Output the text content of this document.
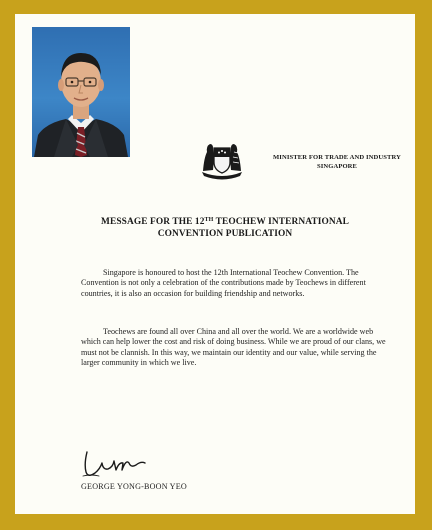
MINISTER FOR TRADE AND INDUSTRY
SINGAPORE
MESSAGE FOR THE 12TH TEOCHEW INTERNATIONAL
CONVENTION PUBLICATION

Singapore is honoured to host the 12th International Teochew Convention. The Convention is not only a celebration of the contributions made by Teochews in different countries, it is also an occasion for building friendship and networks.

Teochews are found all over China and all over the world. We are a worldwide web which can help lower the cost and risk of doing business. While we are proud of our clans, we must not be clannish. In this way, we maintain our identity and our value, while serving the larger community in which we live.

GEORGE YONG-BOON YEO
